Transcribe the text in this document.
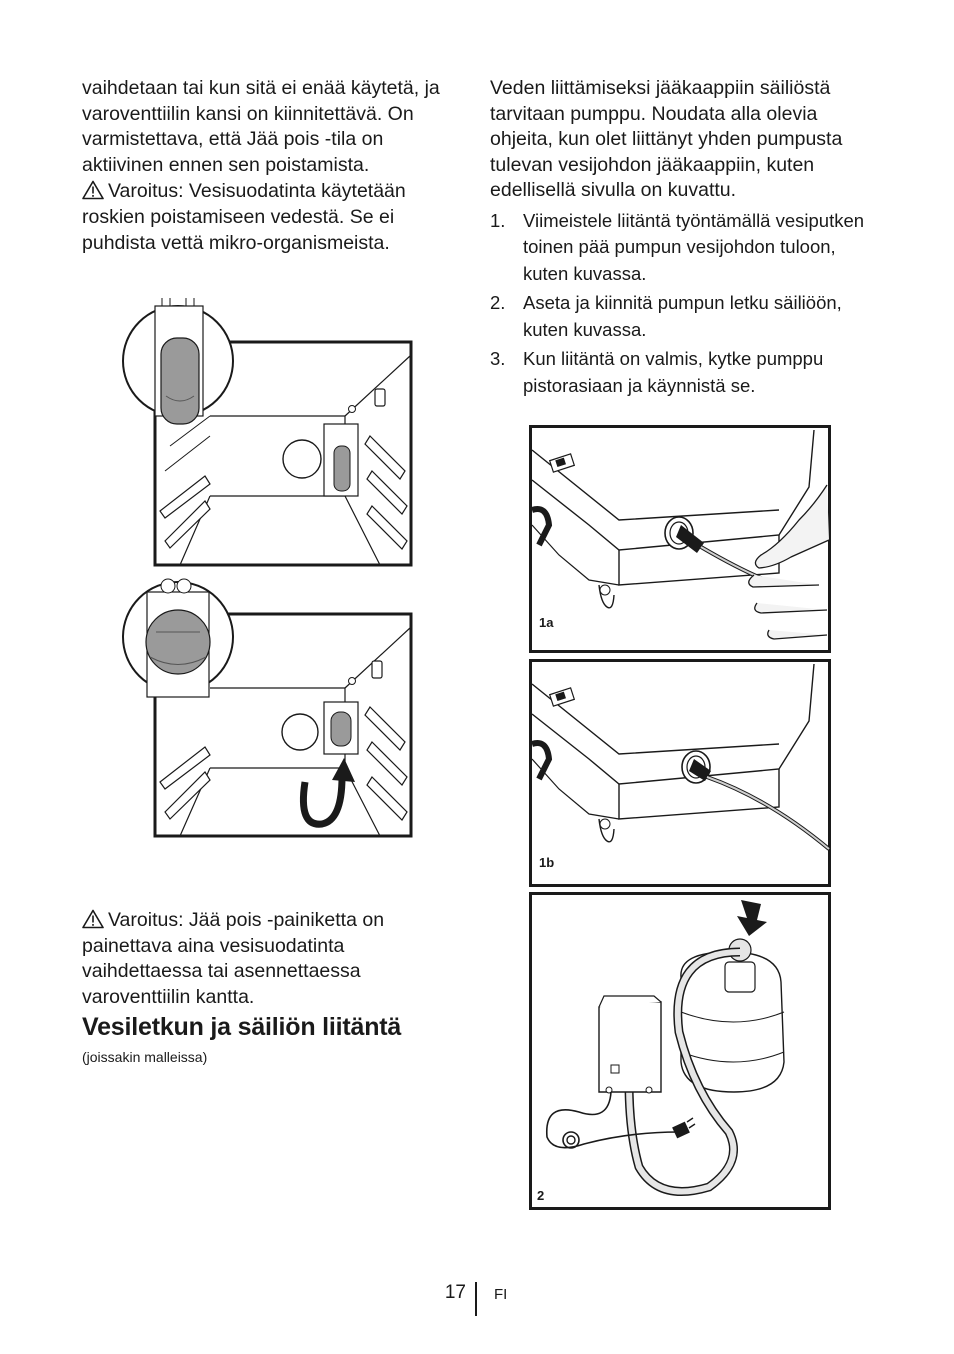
vaihdetaan tai kun sitä ei enää käytetä, ja varoventtiilin kansi on kiinnitettävä. On varmistettava, että Jää pois -tila on aktiivinen ennen sen poistamista.
Varoitus: Vesisuodatinta käytetään roskien poistamiseen vedestä. Se ei puhdista vettä mikro-organismeista.
Varoitus: Jää pois -painiketta on painettava aina vesisuodatinta vaihdettaessa tai asennettaessa varoventtiilin kantta.
Vesiletkun ja säiliön liitäntä
(joissakin malleissa)
Veden liittämiseksi jääkaappiin säiliöstä tarvitaan pumppu. Noudata alla olevia ohjeita, kun olet liittänyt yhden pumpusta tulevan vesijohdon jääkaappiin, kuten edellisellä sivulla on kuvattu.
1. Viimeistele liitäntä työntämällä vesiputken toinen pää pumpun vesijohdon tuloon, kuten kuvassa.
2. Aseta ja kiinnitä pumpun letku säiliöön, kuten kuvassa.
3. Kun liitäntä on valmis, kytke pumppu pistorasiaan ja käynnistä se.
1a
1b
2
17 FI
